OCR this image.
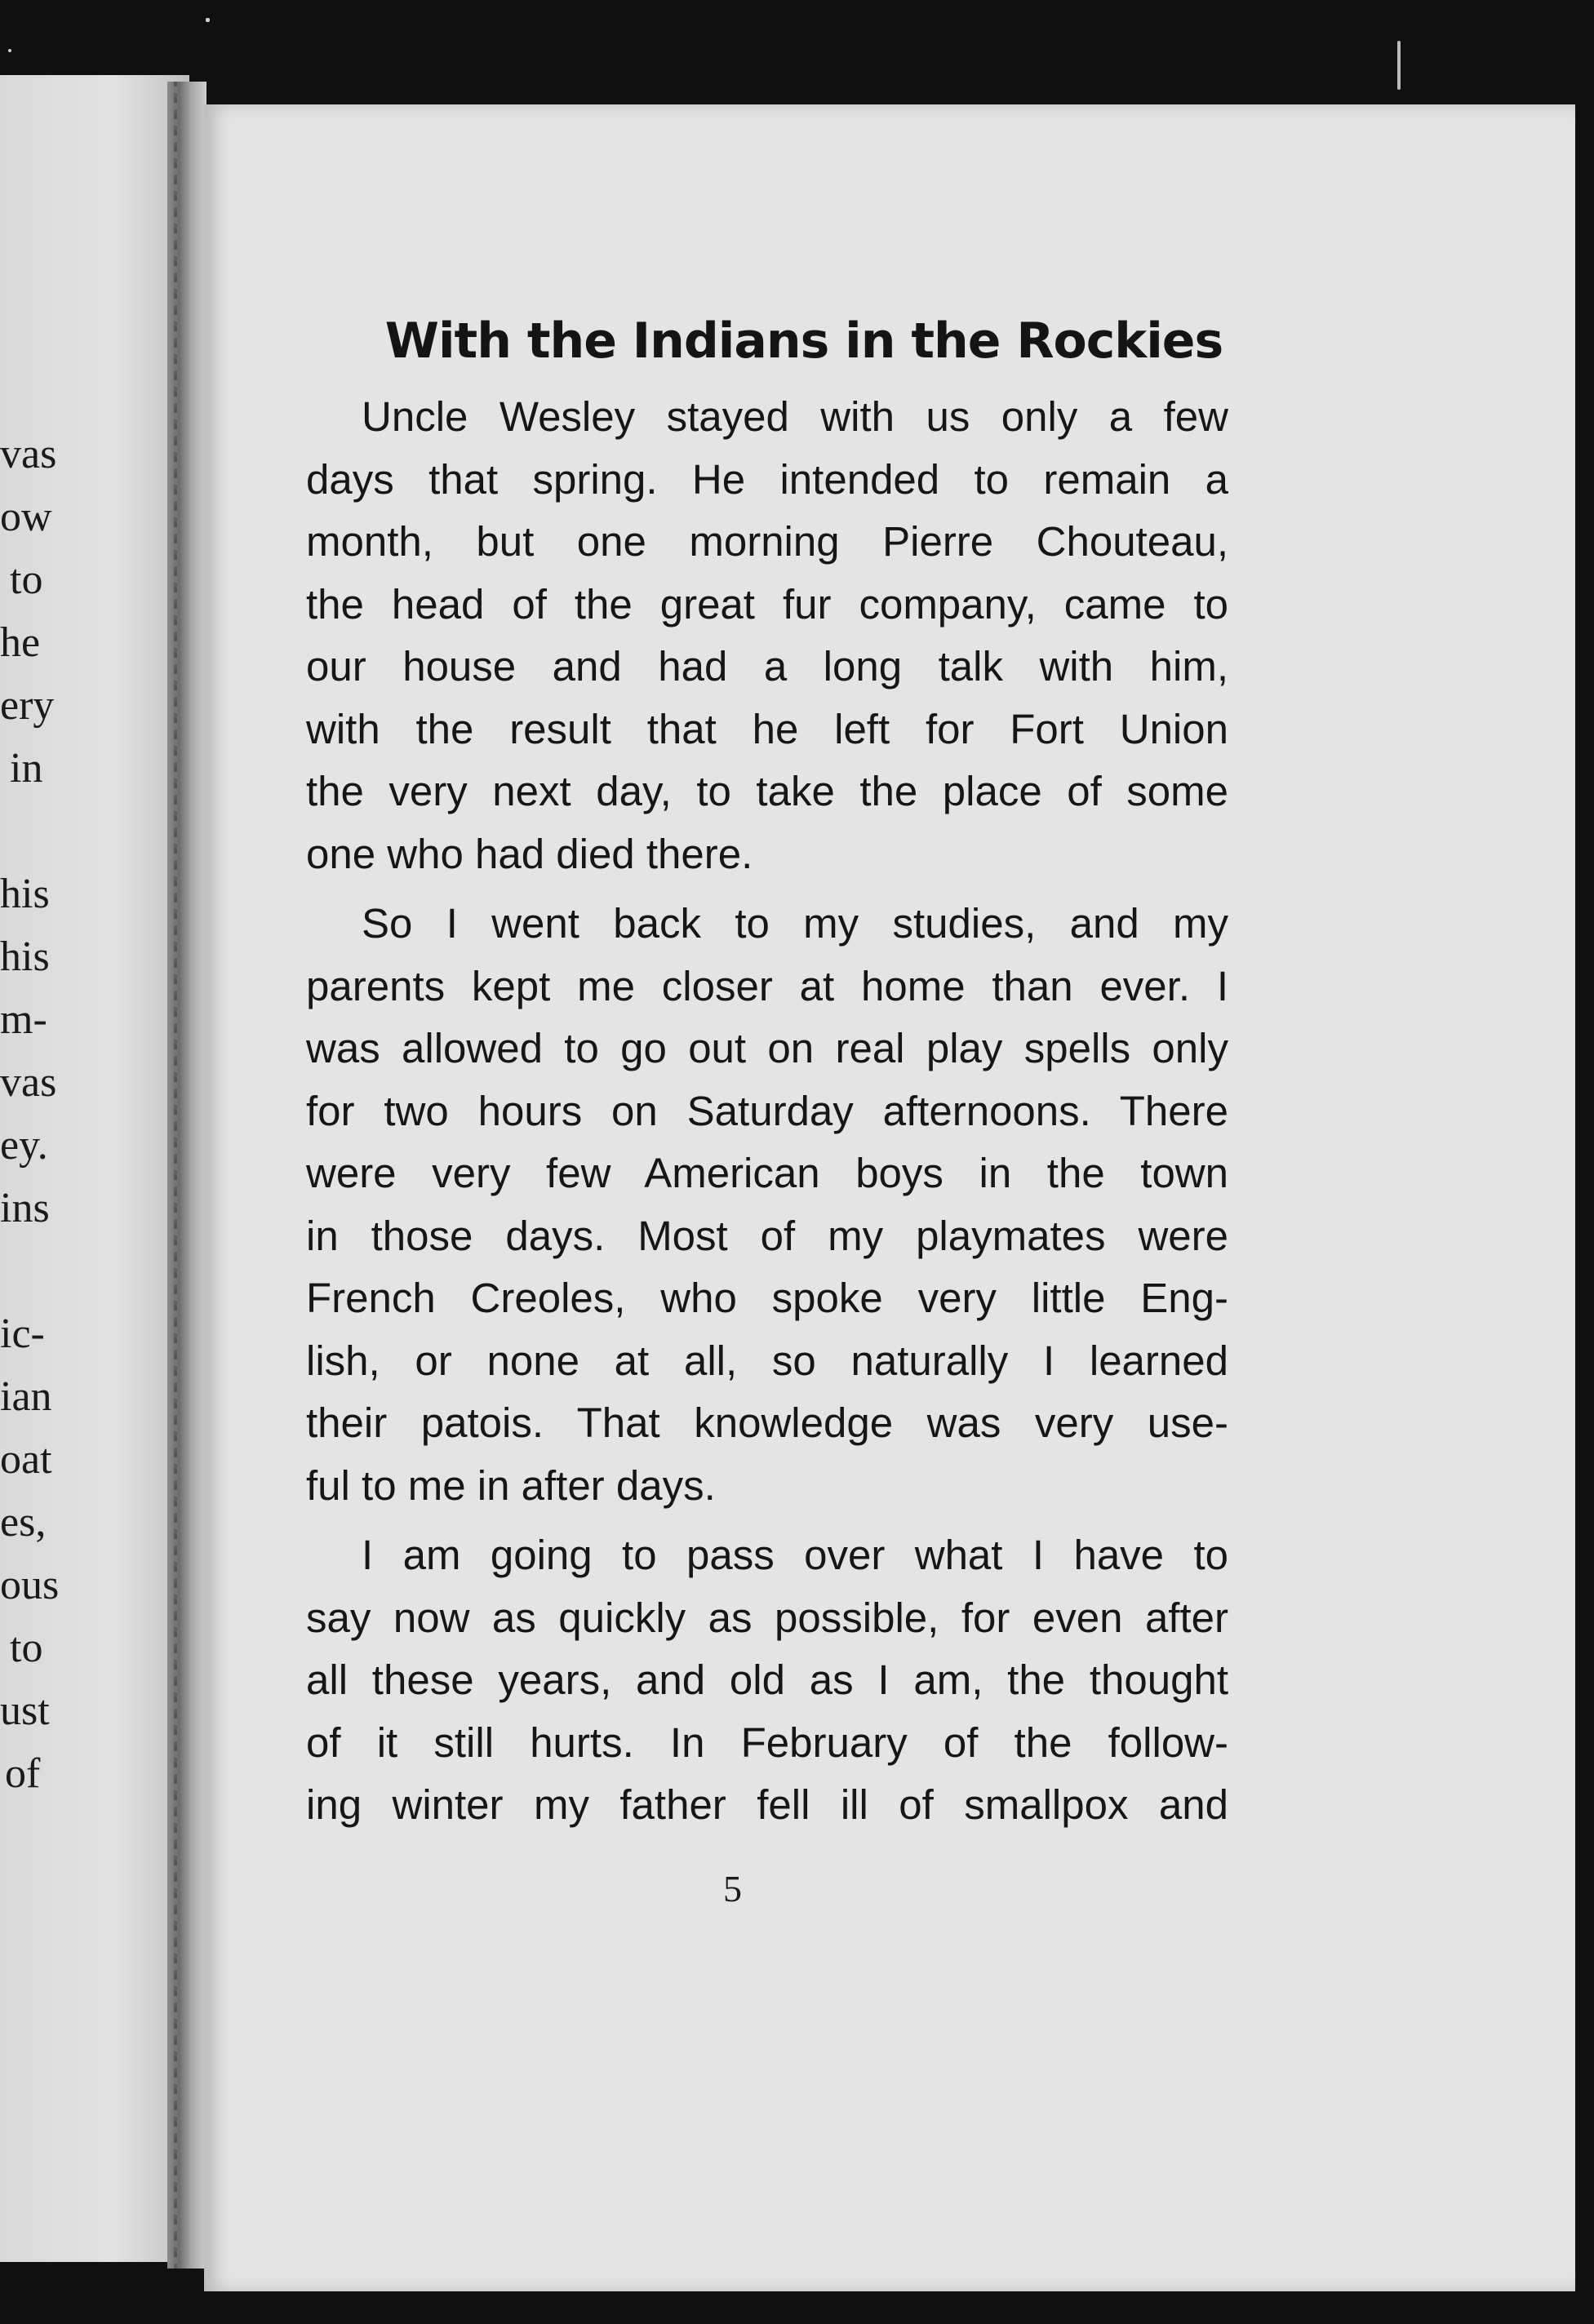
vas
ow
to
he
ery
in
his
his
m-
vas
ey.
ins
ic-
ian
oat
es,
ous
to
ust
of
With the Indians in the Rockies
Uncle Wesley stayed with us only a few
days that spring. He intended to remain a
month, but one morning Pierre Chouteau,
the head of the great fur company, came to
our house and had a long talk with him,
with the result that he left for Fort Union
the very next day, to take the place of some
one who had died there.
So I went back to my studies, and my
parents kept me closer at home than ever. I
was allowed to go out on real play spells only
for two hours on Saturday afternoons. There
were very few American boys in the town
in those days. Most of my playmates were
French Creoles, who spoke very little Eng-
lish, or none at all, so naturally I learned
their patois. That knowledge was very use-
ful to me in after days.
I am going to pass over what I have to
say now as quickly as possible, for even after
all these years, and old as I am, the thought
of it still hurts. In February of the follow-
ing winter my father fell ill of smallpox and
5
